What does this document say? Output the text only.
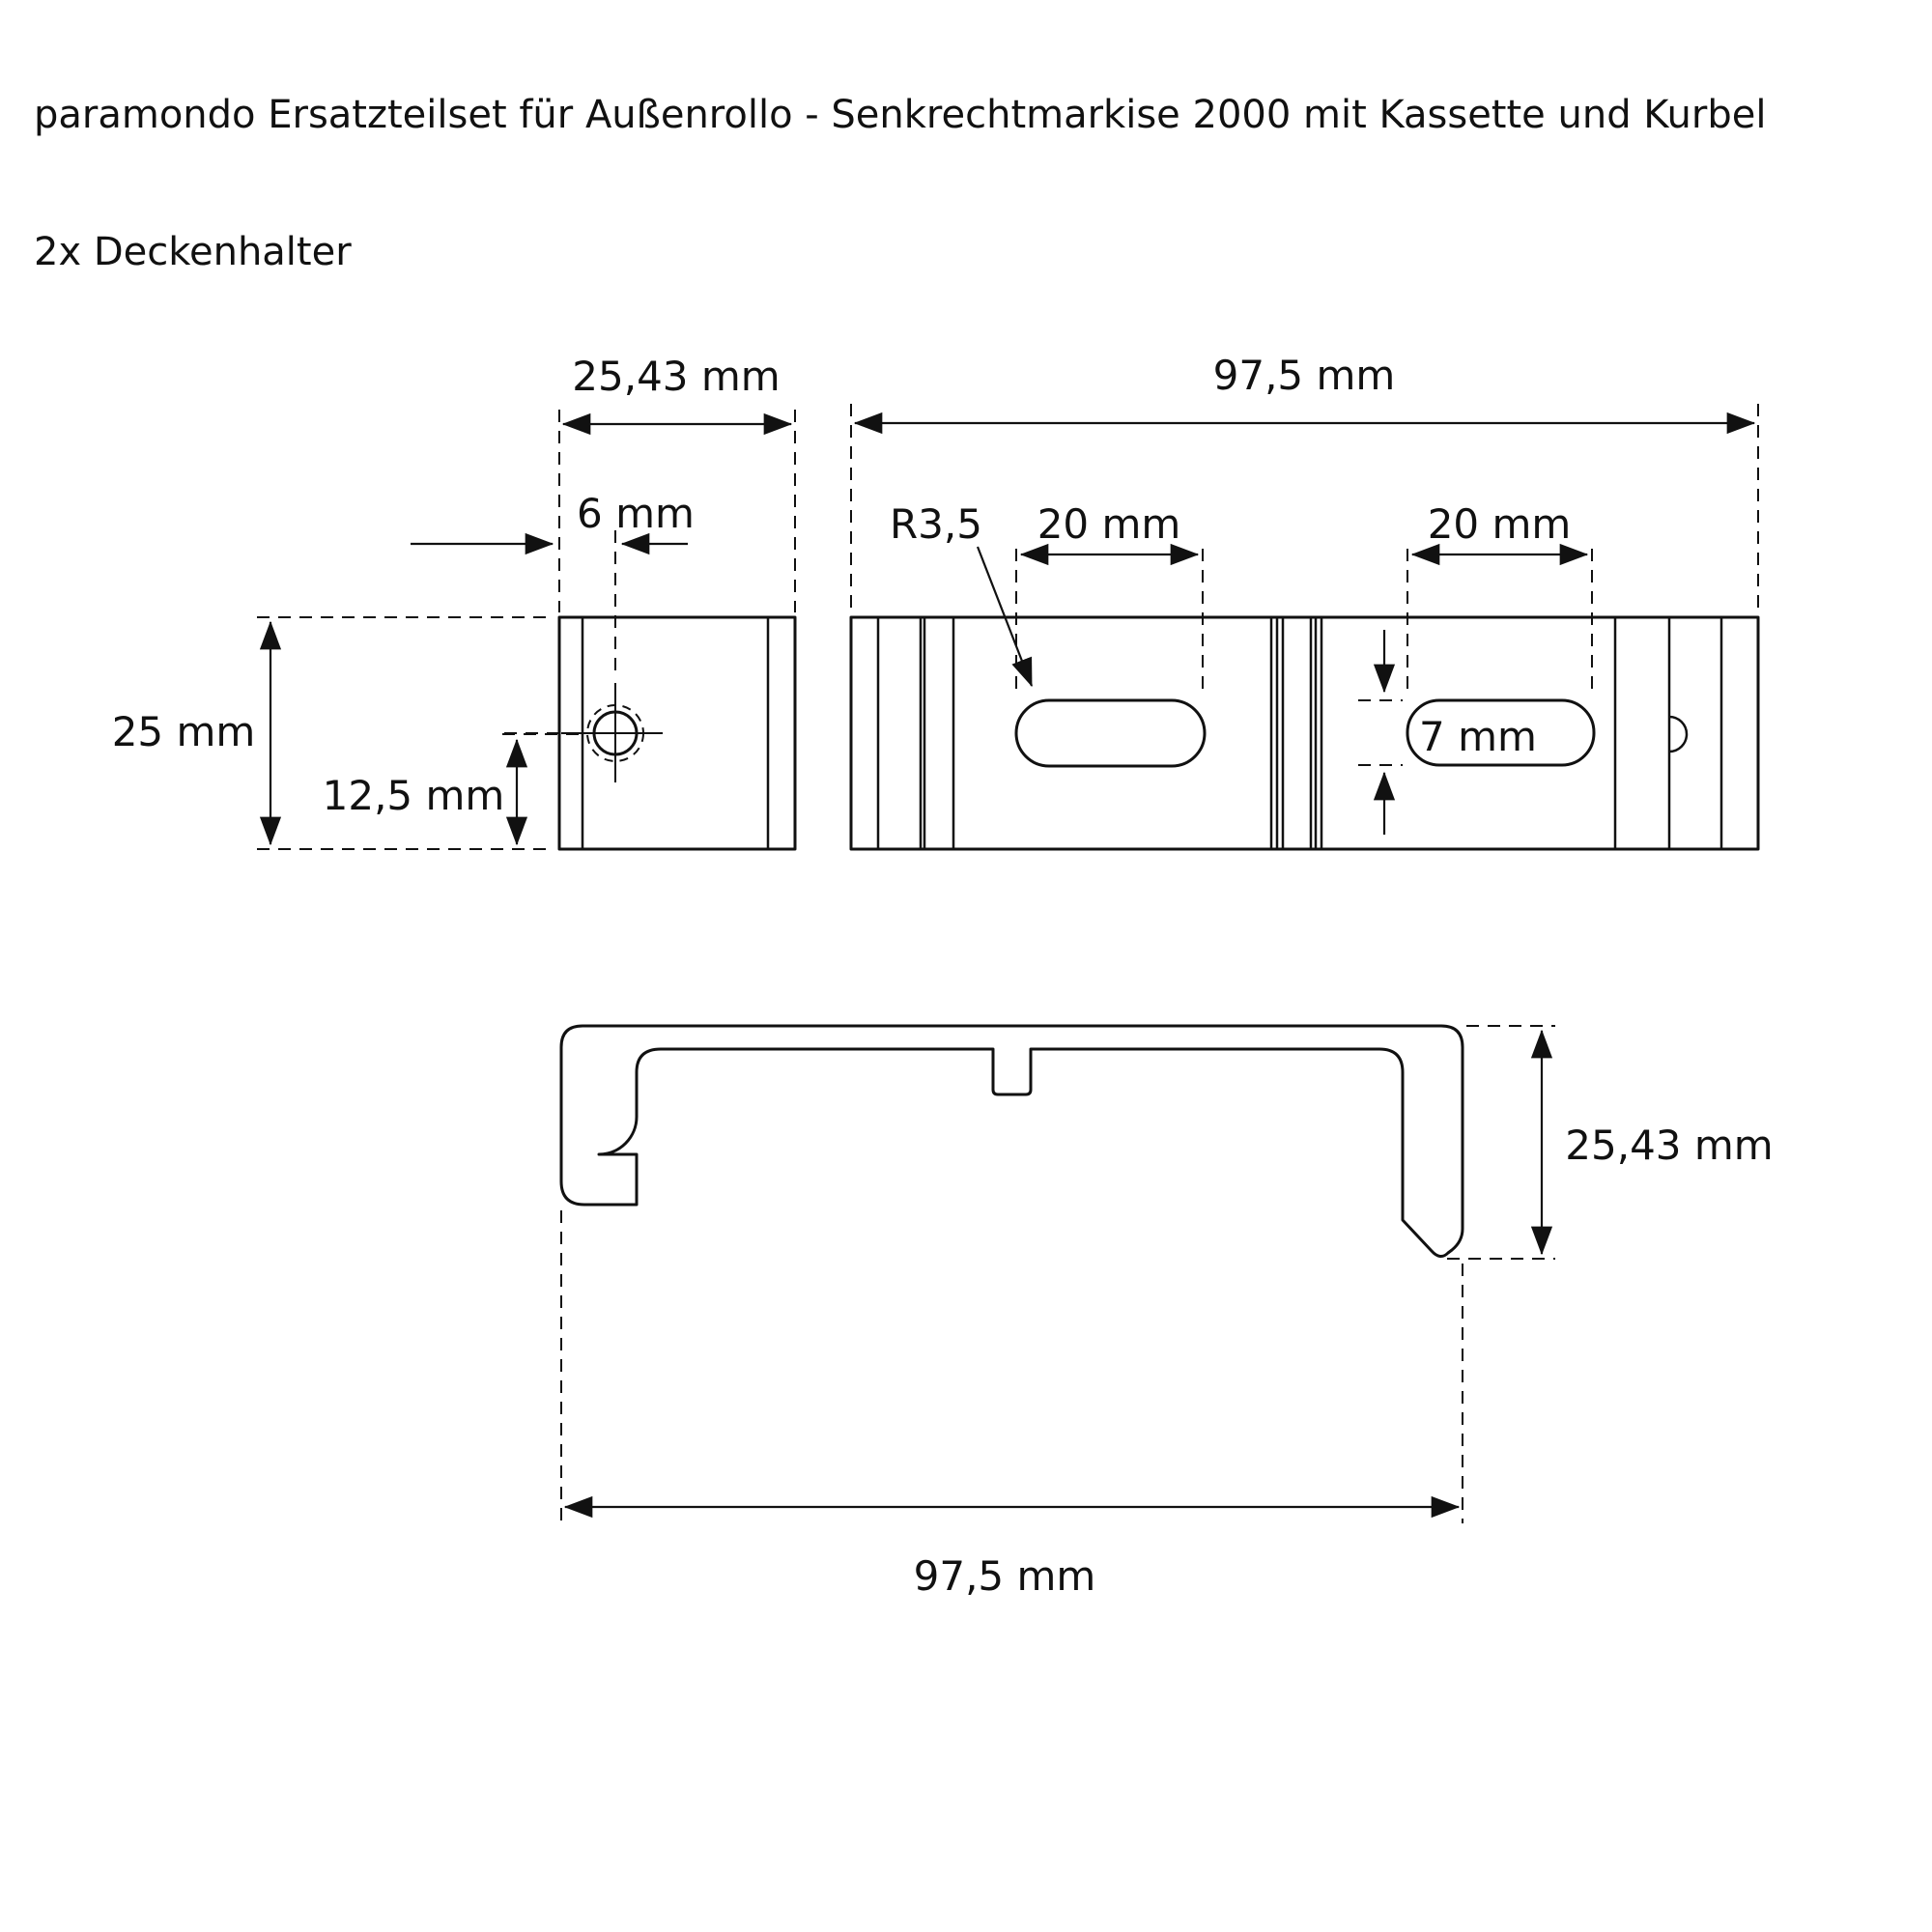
paramondo Ersatzteilset für Außenrollo - Senkrechtmarkise 2000 mit Kassette und Kurbel
2x Deckenhalter
25,43 mm
6 mm
25 mm
12,5 mm
97,5 mm
R3,5 20 mm	20 mm
7 mm
25,43 mm
97,5 mm
